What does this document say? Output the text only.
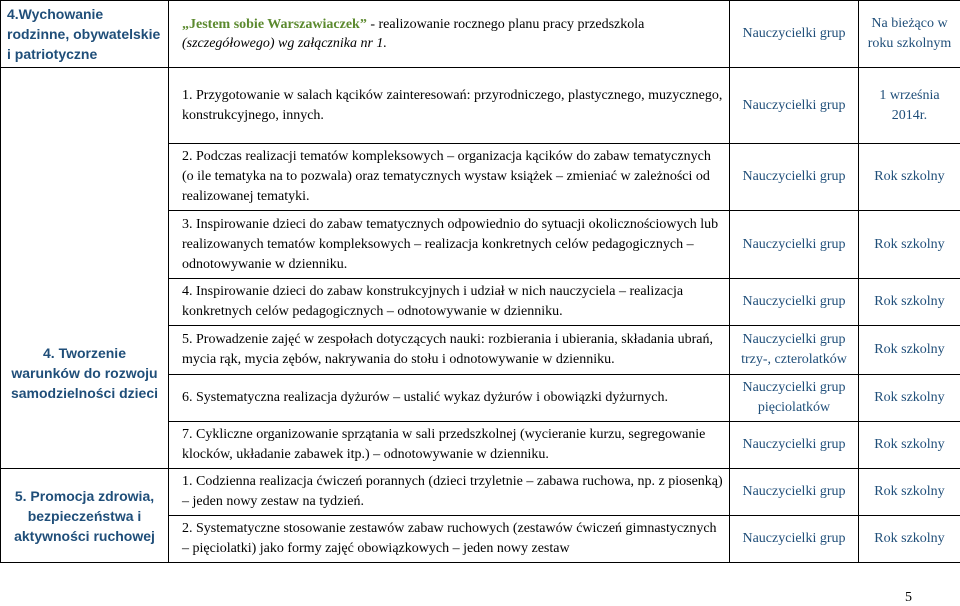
4.Wychowanie rodzinne, obywatelskie i patriotyczne	„Jestem sobie Warszawiaczek” - realizowanie rocznego planu pracy przedszkola
(szczegółowego) wg załącznika nr 1.	Nauczycielki grup	Na bieżąco w roku szkolnym
	1. Przygotowanie w salach kącików zainteresowań: przyrodniczego, plastycznego, muzycznego, konstrukcyjnego, innych.	Nauczycielki grup	1 września 2014r.
	2. Podczas realizacji tematów kompleksowych – organizacja kącików do zabaw tematycznych (o ile tematyka na to pozwala) oraz tematycznych wystaw książek – zmieniać w zależności od realizowanej tematyki.	Nauczycielki grup	Rok szkolny
	3. Inspirowanie dzieci do zabaw tematycznych odpowiednio do sytuacji okolicznościowych lub realizowanych tematów kompleksowych – realizacja konkretnych celów pedagogicznych – odnotowywanie w dzienniku.	Nauczycielki grup	Rok szkolny
4. Tworzenie warunków do rozwoju samodzielności dzieci	4. Inspirowanie dzieci do zabaw konstrukcyjnych i udział w nich nauczyciela – realizacja konkretnych celów pedagogicznych – odnotowywanie w dzienniku.	Nauczycielki grup	Rok szkolny
	5. Prowadzenie zajęć w zespołach dotyczących nauki: rozbierania i ubierania, składania ubrań, mycia rąk, mycia zębów, nakrywania do stołu i odnotowywanie w dzienniku.	Nauczycielki grup trzy-, czterolatków	Rok szkolny
	6. Systematyczna realizacja dyżurów – ustalić wykaz dyżurów i obowiązki dyżurnych.	Nauczycielki grup pięciolatków	Rok szkolny
	7. Cykliczne organizowanie sprzątania w sali przedszkolnej (wycieranie kurzu, segregowanie klocków, układanie zabawek itp.) – odnotowywanie w dzienniku.	Nauczycielki grup	Rok szkolny
5. Promocja zdrowia, bezpieczeństwa i aktywności ruchowej	1. Codzienna realizacja ćwiczeń porannych (dzieci trzyletnie – zabawa ruchowa, np. z piosenką) – jeden nowy zestaw na tydzień.	Nauczycielki grup	Rok szkolny
	2. Systematyczne stosowanie zestawów zabaw ruchowych (zestawów ćwiczeń gimnastycznych – pięciolatki) jako formy zajęć obowiązkowych – jeden nowy zestaw	Nauczycielki grup	Rok szkolny
5
